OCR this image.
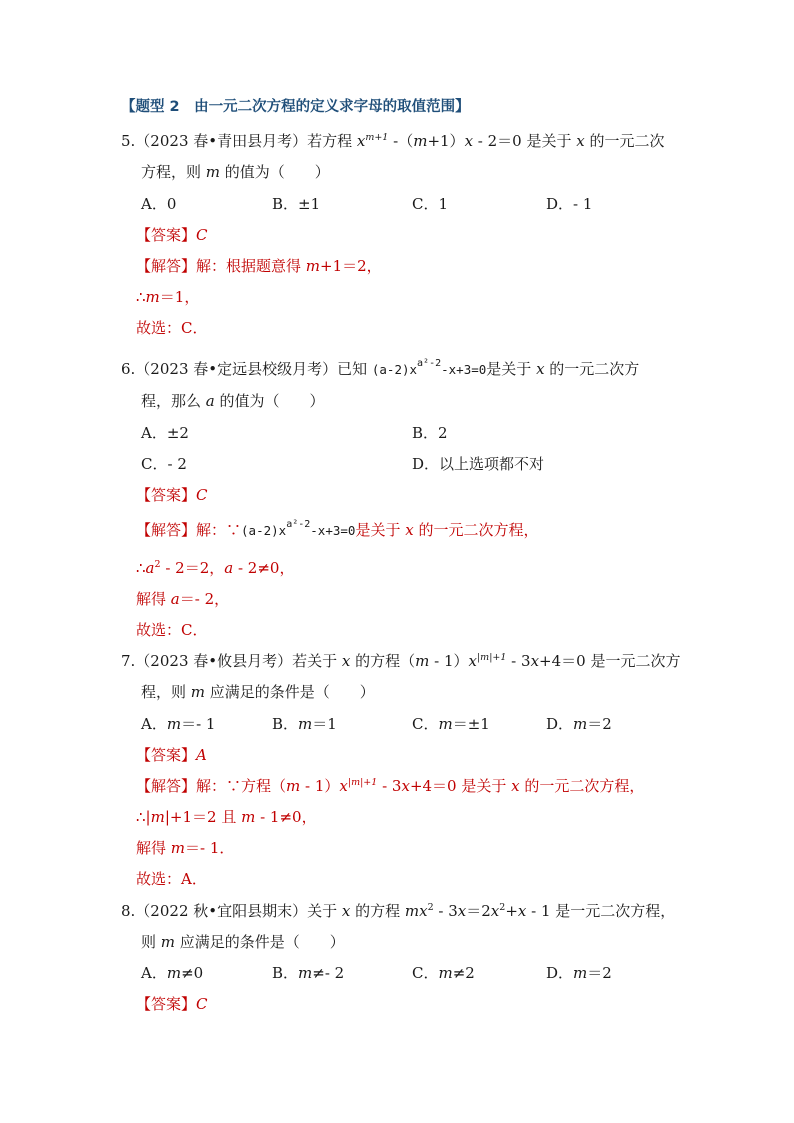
【题型 2　由一元二次方程的定义求字母的取值范围】
5.（2023 春•青田县月考）若方程 $x^{m+1}$ -（m+1）x - 2＝0 是关于 x 的一元二次
方程，则 m 的值为（　　）
A．0	B．±1	C．1	D．- 1
【答案】C
【解答】解：根据题意得 m+1＝2，
∴m＝1，
故选：C．
6.（2023 春•定远县校级月考）已知 $(a-2)x^{a^2-2}-x+3=0$是关于 x 的一元二次方
程，那么 a 的值为（　　）
A．±2	B．2
C．- 2	D．以上选项都不对
【答案】C
【解答】解：$\because(a-2)x^{a^2-2}-x+3=0$是关于 x 的一元二次方程，
$\therefore a^2 - 2=2$，a - 2≠0，
解得 a＝- 2，
故选：C．
7.（2023 春•攸县月考）若关于 x 的方程$(m - 1)x^{|m|+1} - 3x+4=0$ 是一元二次方
程，则 m 应满足的条件是（　　）
A．m＝- 1	B．m＝1	C．m＝±1	D．m＝2
【答案】A
【解答】解：∵方程$(m - 1)x^{|m|+1} - 3x+4=0$ 是关于 x 的一元二次方程，
∴|m|+1＝2 且 m - 1≠0，
解得 m＝- 1．
故选：A．
8.（2022 秋•宜阳县期末）关于 x 的方程 $mx^2 - 3x=2x^2+x - 1$ 是一元二次方程，
则 m 应满足的条件是（　　）
A．m≠0	B．m≠- 2	C．m≠2	D．m＝2
【答案】C
